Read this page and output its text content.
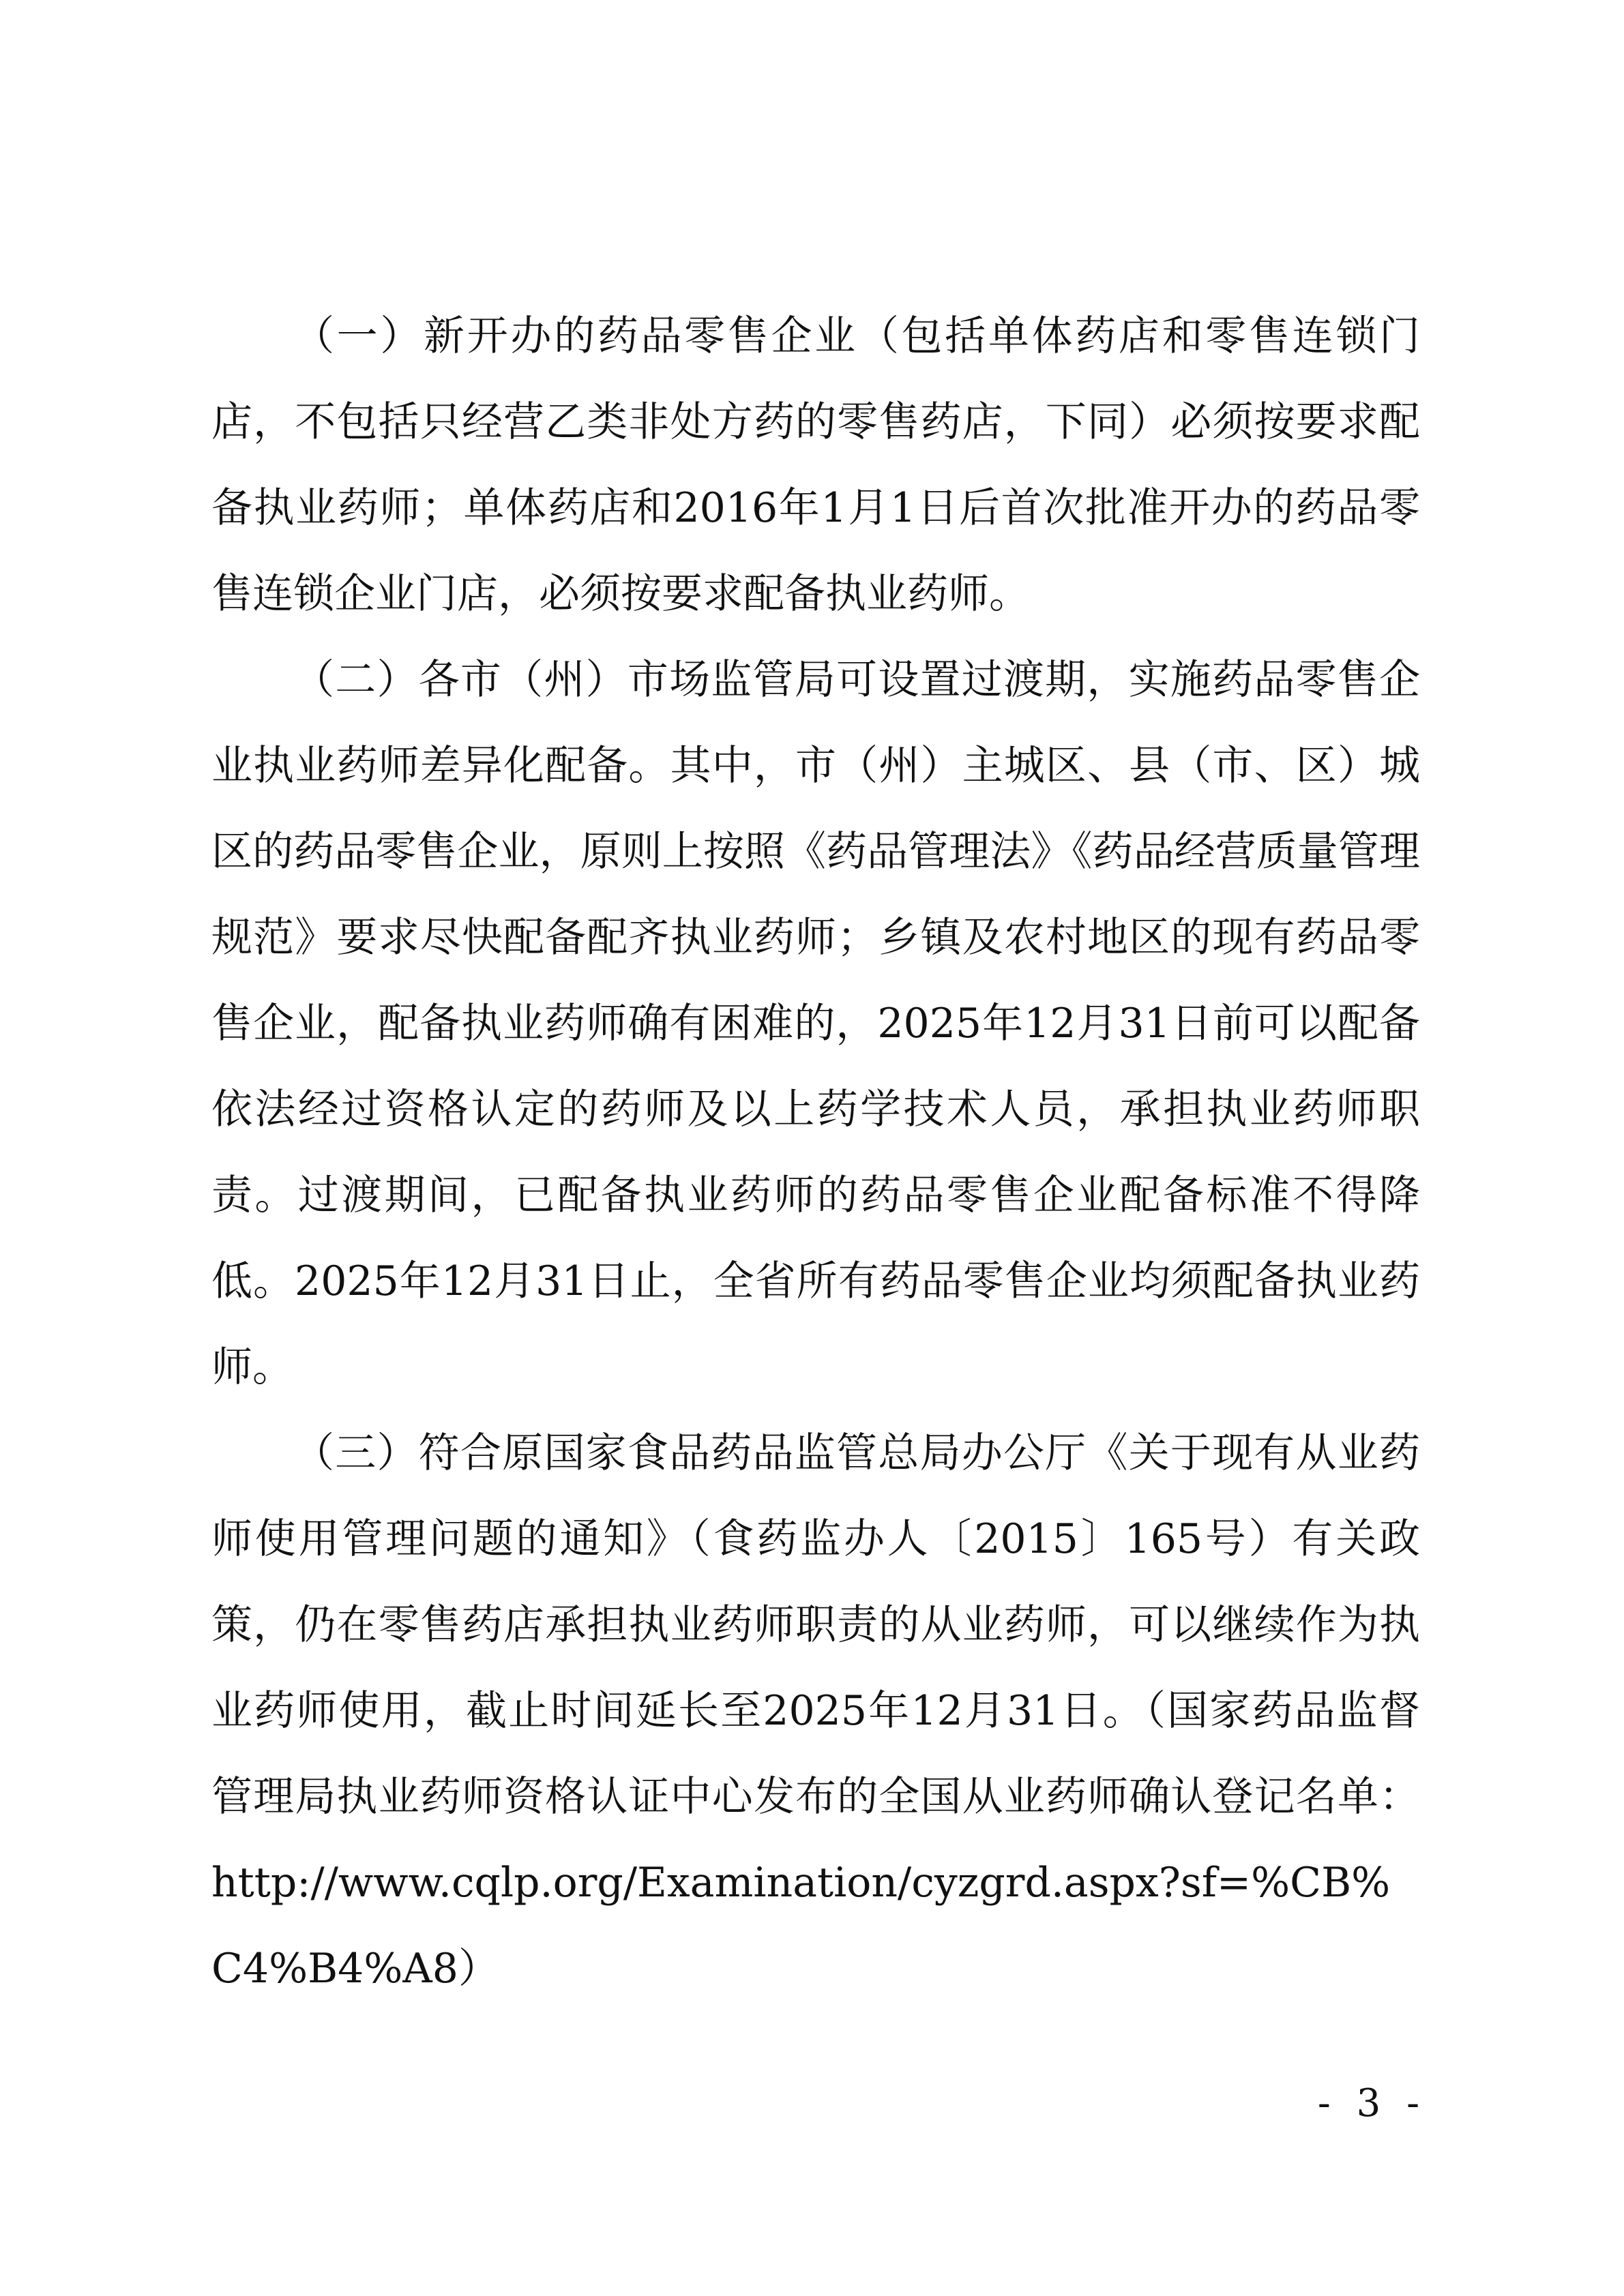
（一）新开办的药品零售企业（包括单体药店和零售连锁门店，不包括只经营乙类非处方药的零售药店，下同）必须按要求配备执业药师；单体药店和2016年1月1日后首次批准开办的药品零售连锁企业门店，必须按要求配备执业药师。

（二）各市（州）市场监管局可设置过渡期，实施药品零售企业执业药师差异化配备。其中，市（州）主城区、县（市、区）城区的药品零售企业，原则上按照《药品管理法》《药品经营质量管理规范》要求尽快配备配齐执业药师；乡镇及农村地区的现有药品零售企业，配备执业药师确有困难的，2025年12月31日前可以配备依法经过资格认定的药师及以上药学技术人员，承担执业药师职责。过渡期间，已配备执业药师的药品零售企业配备标准不得降低。2025年12月31日止，全省所有药品零售企业均须配备执业药师。

（三）符合原国家食品药品监管总局办公厅《关于现有从业药师使用管理问题的通知》（食药监办人〔2015〕165号）有关政策，仍在零售药店承担执业药师职责的从业药师，可以继续作为执业药师使用，截止时间延长至2025年12月31日。（国家药品监督管理局执业药师资格认证中心发布的全国从业药师确认登记名单：http://www.cqlp.org/Examination/cyzgrd.aspx?sf=%CB%C4%B4%A8）

- 3 -
